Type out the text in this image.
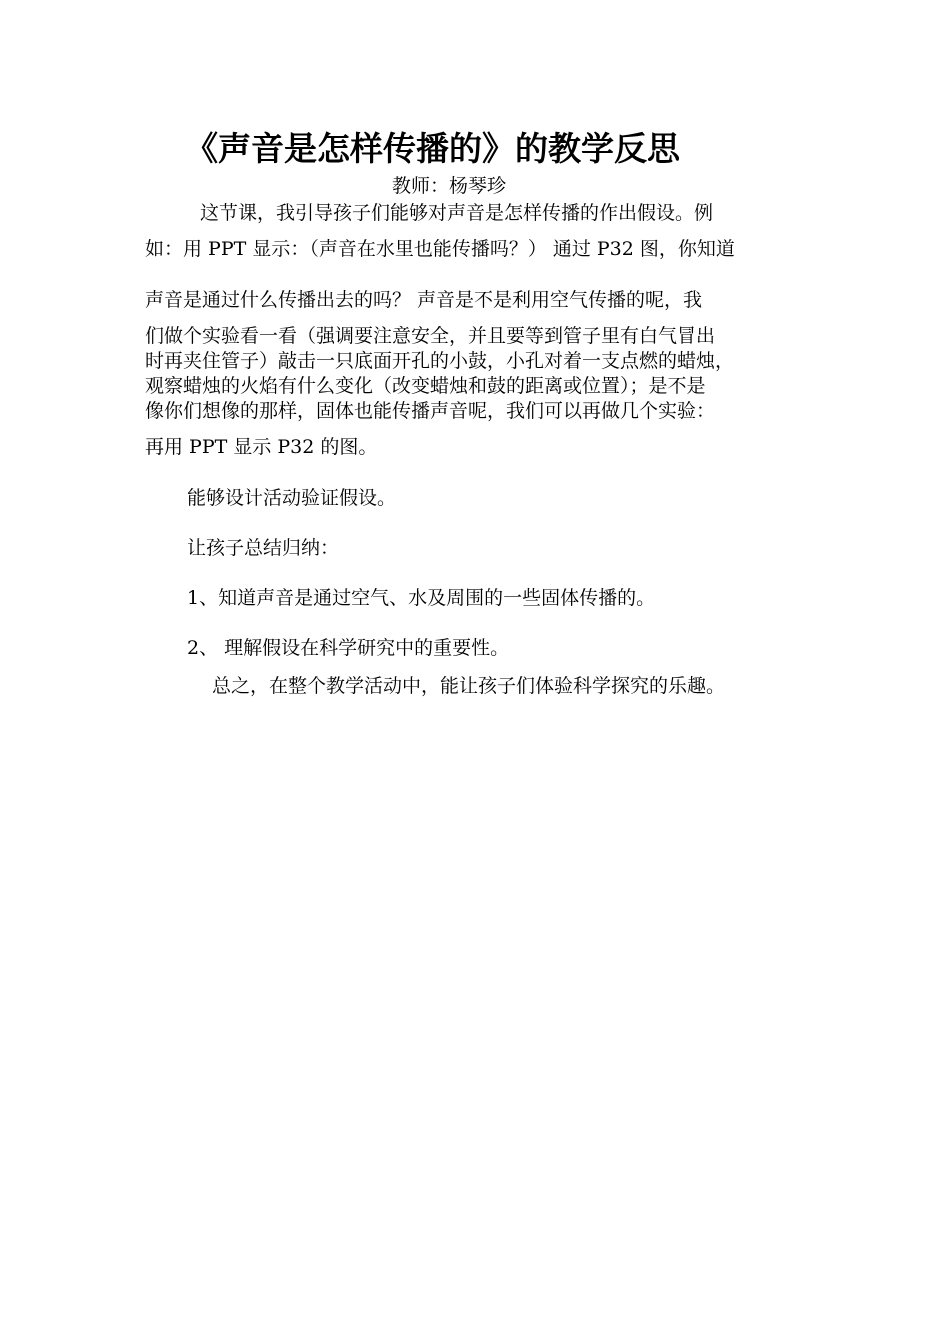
《声音是怎样传播的》的教学反思
教师：杨琴珍
这节课，我引导孩子们能够对声音是怎样传播的作出假设。例
如：用 PPT 显示：（声音在水里也能传播吗？） 通过 P32 图，你知道
声音是通过什么传播出去的吗？ 声音是不是利用空气传播的呢，我
们做个实验看一看（强调要注意安全，并且要等到管子里有白气冒出
时再夹住管子）敲击一只底面开孔的小鼓，小孔对着一支点燃的蜡烛，
观察蜡烛的火焰有什么变化（改变蜡烛和鼓的距离或位置）；是不是
像你们想像的那样，固体也能传播声音呢，我们可以再做几个实验：
再用 PPT 显示 P32 的图。
能够设计活动验证假设。
让孩子总结归纳：
1、知道声音是通过空气、水及周围的一些固体传播的。
2、 理解假设在科学研究中的重要性。
总之，在整个教学活动中，能让孩子们体验科学探究的乐趣。
